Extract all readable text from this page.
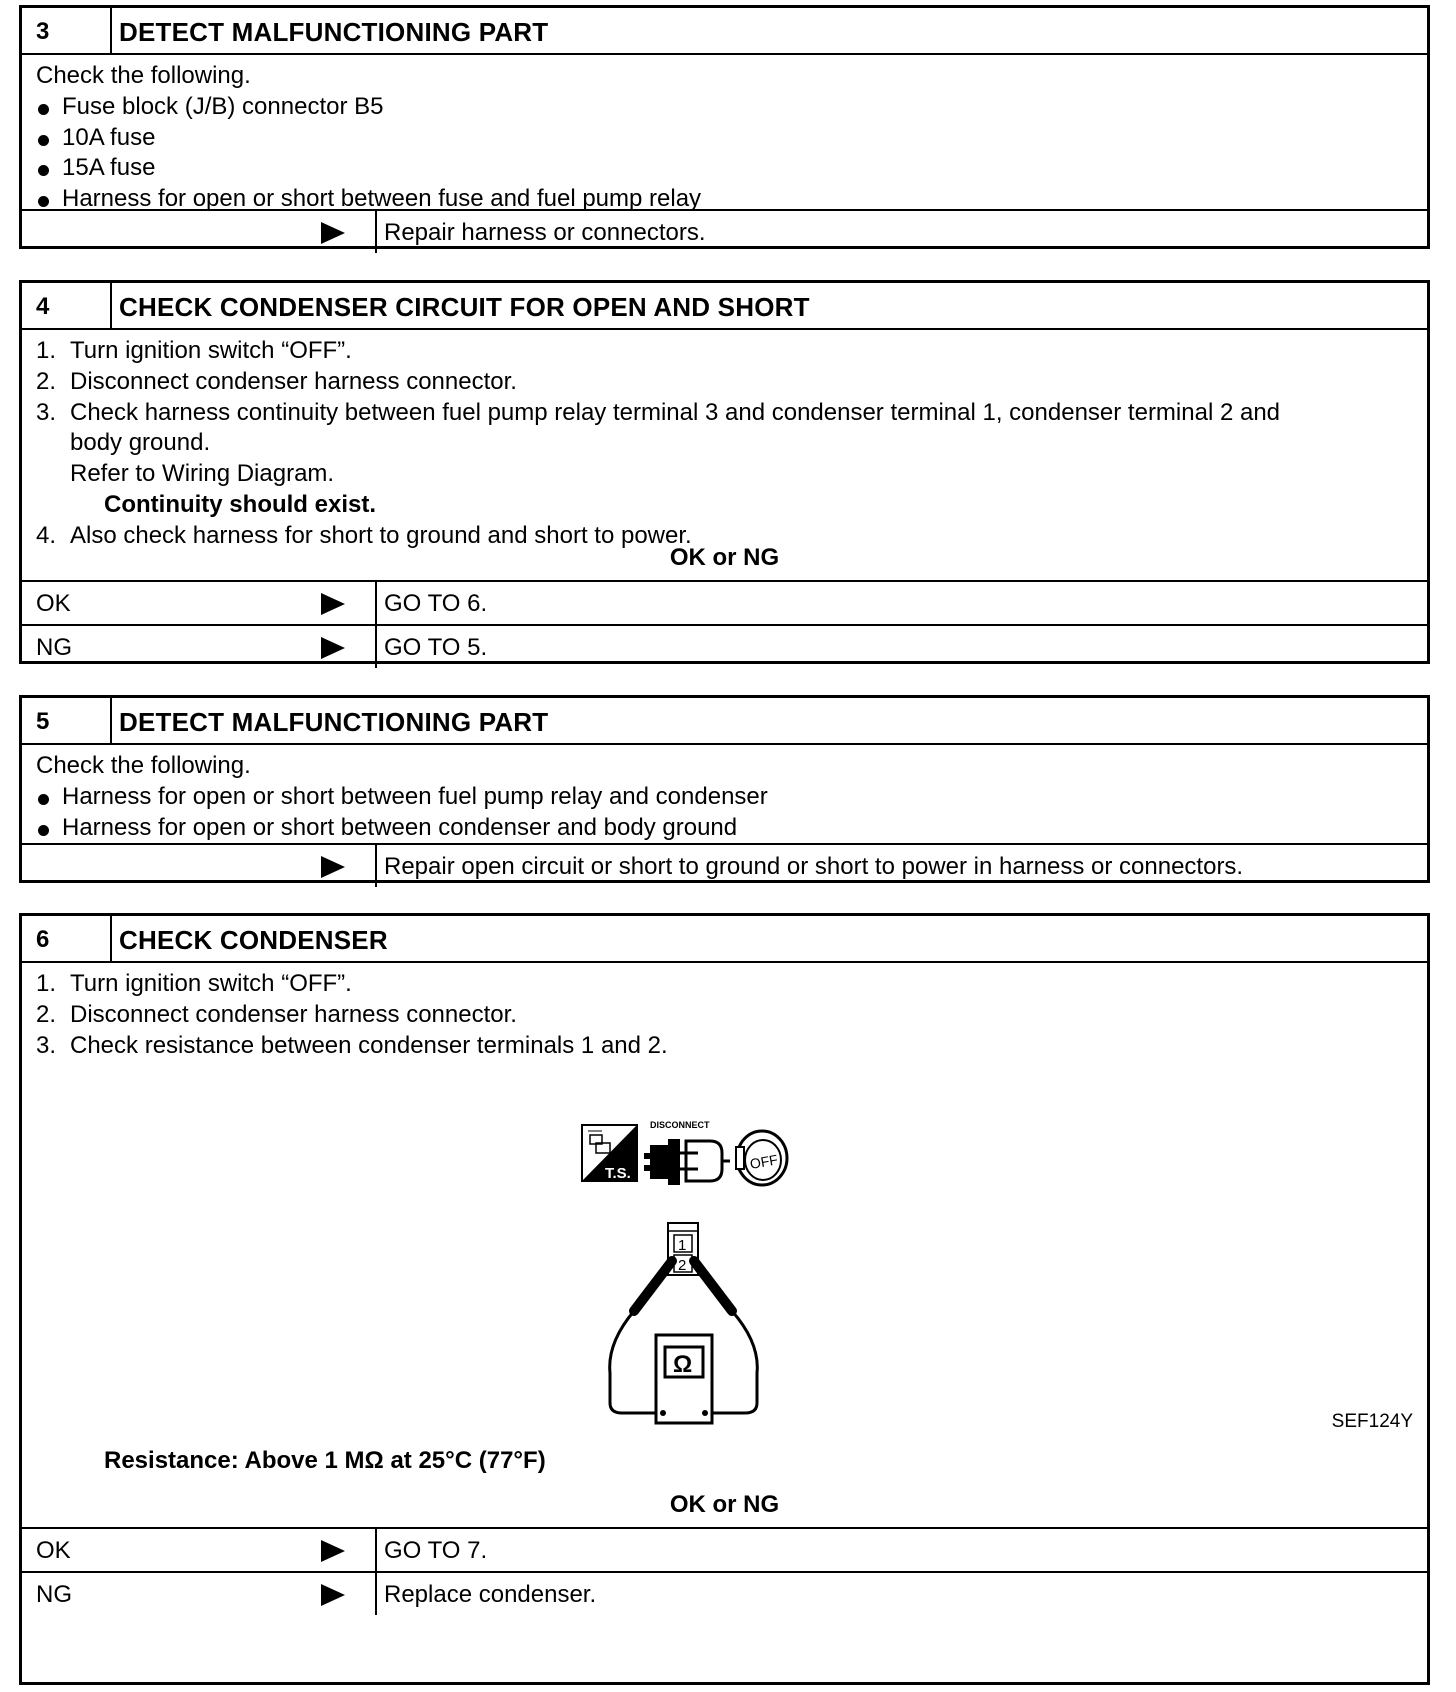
3	DETECT MALFUNCTIONING PART
Check the following.
Fuse block (J/B) connector B5
10A fuse
15A fuse
Harness for open or short between fuse and fuel pump relay
Repair harness or connectors.
4	CHECK CONDENSER CIRCUIT FOR OPEN AND SHORT
1. Turn ignition switch “OFF”.
2. Disconnect condenser harness connector.
3. Check harness continuity between fuel pump relay terminal 3 and condenser terminal 1, condenser terminal 2 and
body ground.
Refer to Wiring Diagram.
Continuity should exist.
4. Also check harness for short to ground and short to power.
OK or NG
OK	GO TO 6.
NG	GO TO 5.
5	DETECT MALFUNCTIONING PART
Check the following.
Harness for open or short between fuel pump relay and condenser
Harness for open or short between condenser and body ground
Repair open circuit or short to ground or short to power in harness or connectors.
6	CHECK CONDENSER
1. Turn ignition switch “OFF”.
2. Disconnect condenser harness connector.
3. Check resistance between condenser terminals 1 and 2.
T.S.
DISCONNECT
OFF
1
2
Ω
SEF124Y
Resistance: Above 1 MΩ at 25°C (77°F)
OK or NG
OK	GO TO 7.
NG	Replace condenser.
